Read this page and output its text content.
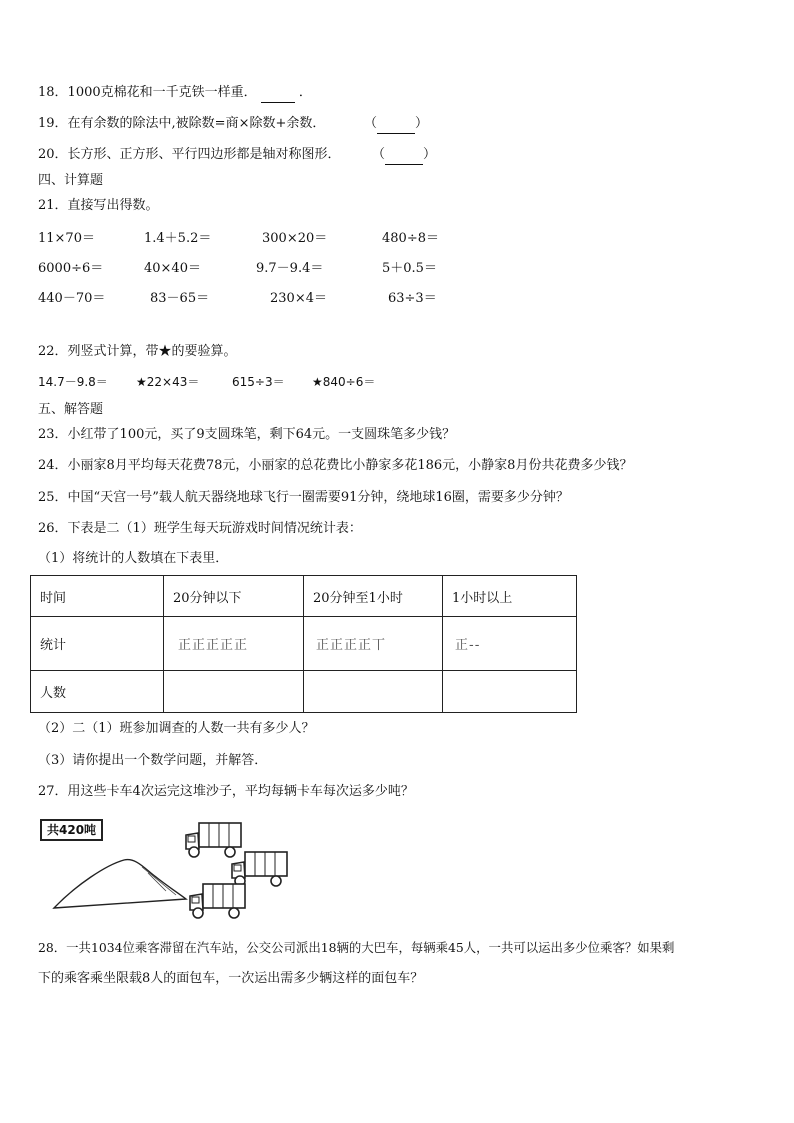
18．1000克棉花和一千克铁一样重．	．
19．在有余数的除法中,被除数=商×除数+余数．	（	）
20．长方形、正方形、平行四边形都是轴对称图形． （	）
四、计算题
21．直接写出得数。
11×70＝	1.4＋5.2＝	300×20＝	480÷8＝
6000÷6＝	40×40＝	9.7－9.4＝	5＋0.5＝
440－70＝	83－65＝	230×4＝	63÷3＝
22．列竖式计算，带★的要验算。
14.7－9.8＝ ★22×43＝	615÷3＝ ★840÷6＝
五、解答题
23．小红带了100元，买了9支圆珠笔，剩下64元。一支圆珠笔多少钱？
24．小丽家8月平均每天花费78元，小丽家的总花费比小静家多花186元，小静家8月份共花费多少钱？
25．中国“天宫一号”载人航天器绕地球飞行一圈需要91分钟，绕地球16圈，需要多少分钟？
26．下表是二（1）班学生每天玩游戏时间情况统计表：
（1）将统计的人数填在下表里．
时间	20分钟以下	20分钟至1小时	1小时以上
统计	正正正正正	正正正正丅	正--
人数			
（2）二（1）班参加调查的人数一共有多少人？
（3）请你提出一个数学问题，并解答．
27．用这些卡车4次运完这堆沙子，平均每辆卡车每次运多少吨？
共420吨
28．一共1034位乘客滞留在汽车站，公交公司派出18辆的大巴车，每辆乘45人，一共可以运出多少位乘客？如果剩
下的乘客乘坐限载8人的面包车，一次运出需多少辆这样的面包车？
